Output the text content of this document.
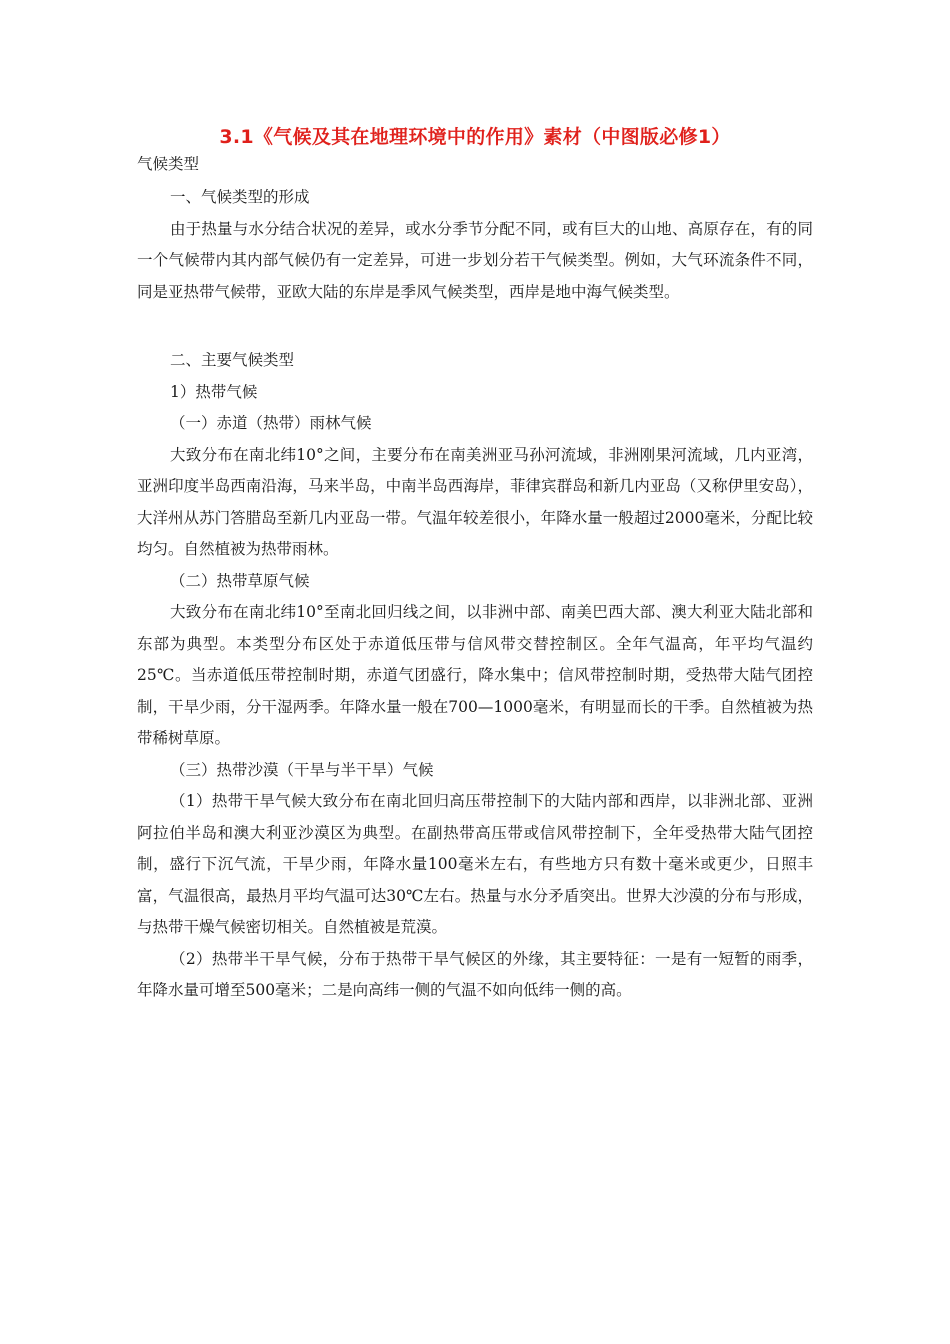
3.1《气候及其在地理环境中的作用》素材（中图版必修1）
气候类型

一、气候类型的形成

由于热量与水分结合状况的差异，或水分季节分配不同，或有巨大的山地、高原存在，有的同一个气候带内其内部气候仍有一定差异，可进一步划分若干气候类型。例如，大气环流条件不同，同是亚热带气候带，亚欧大陆的东岸是季风气候类型，西岸是地中海气候类型。

二、主要气候类型

1）热带气候

（一）赤道（热带）雨林气候

大致分布在南北纬10°之间，主要分布在南美洲亚马孙河流域，非洲刚果河流域，几内亚湾，亚洲印度半岛西南沿海，马来半岛，中南半岛西海岸，菲律宾群岛和新几内亚岛（又称伊里安岛），大洋州从苏门答腊岛至新几内亚岛一带。气温年较差很小，年降水量一般超过2000毫米，分配比较均匀。自然植被为热带雨林。

（二）热带草原气候

大致分布在南北纬10°至南北回归线之间，以非洲中部、南美巴西大部、澳大利亚大陆北部和东部为典型。本类型分布区处于赤道低压带与信风带交替控制区。全年气温高，年平均气温约25℃。当赤道低压带控制时期，赤道气团盛行，降水集中；信风带控制时期，受热带大陆气团控制，干旱少雨，分干湿两季。年降水量一般在700—1000毫米，有明显而长的干季。自然植被为热带稀树草原。

（三）热带沙漠（干旱与半干旱）气候

（1）热带干旱气候大致分布在南北回归高压带控制下的大陆内部和西岸，以非洲北部、亚洲阿拉伯半岛和澳大利亚沙漠区为典型。在副热带高压带或信风带控制下，全年受热带大陆气团控制，盛行下沉气流，干旱少雨，年降水量100毫米左右，有些地方只有数十毫米或更少，日照丰富，气温很高，最热月平均气温可达30℃左右。热量与水分矛盾突出。世界大沙漠的分布与形成，与热带干燥气候密切相关。自然植被是荒漠。

（2）热带半干旱气候，分布于热带干旱气候区的外缘，其主要特征：一是有一短暂的雨季，年降水量可增至500毫米；二是向高纬一侧的气温不如向低纬一侧的高。
